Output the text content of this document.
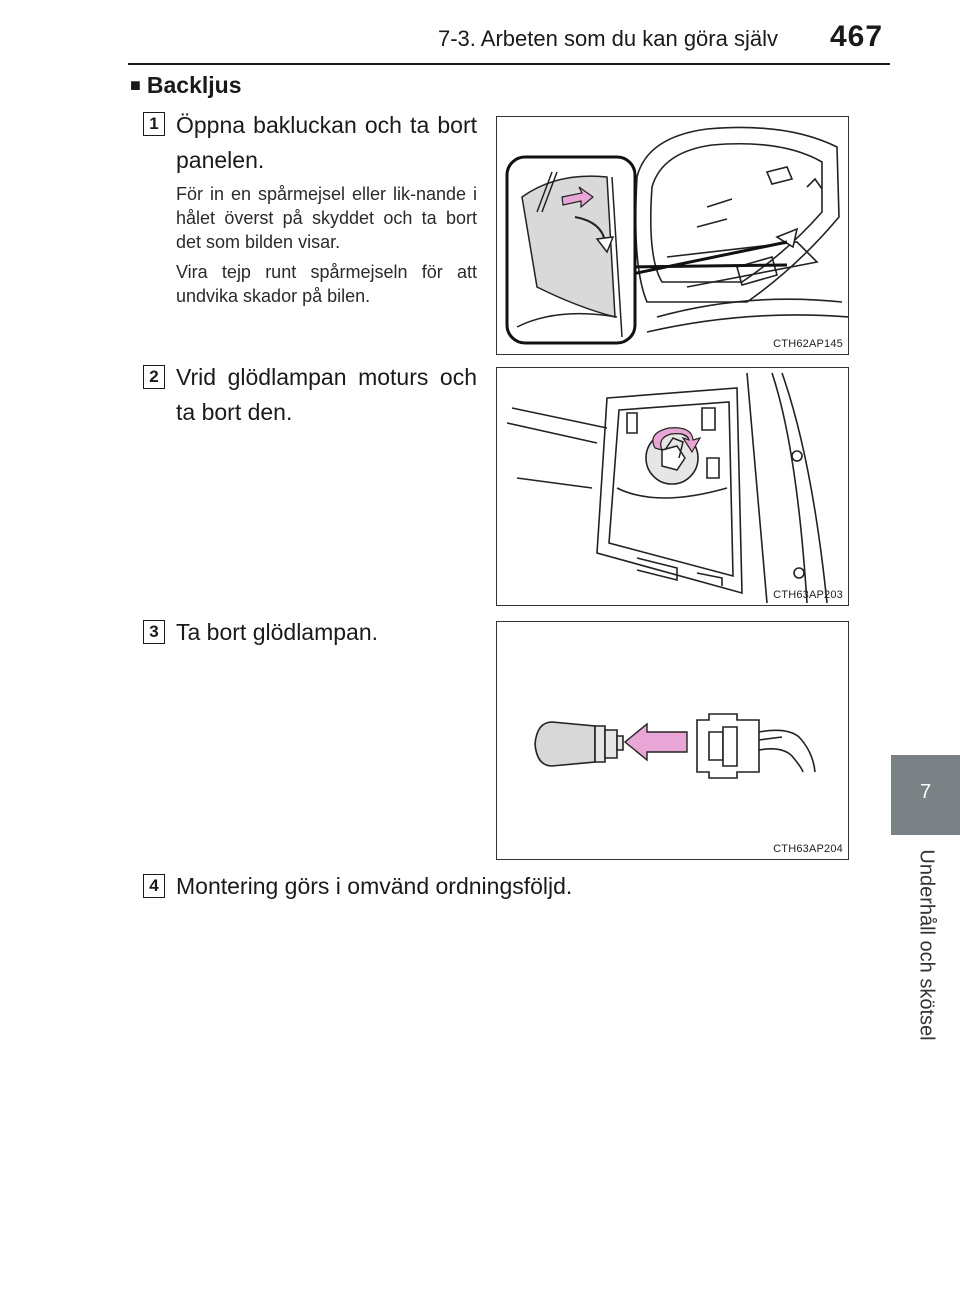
7-3. Arbeten som du kan göra själv 467
7
Underhåll och skötsel
■ Backljus
1 Öppna bakluckan och ta bort panelen.
För in en spårmejsel eller lik-nande i hålet överst på skyddet och ta bort det som bilden visar.
Vira tejp runt spårmejseln för att undvika skador på bilen.
2 Vrid glödlampan moturs och ta bort den.
3 Ta bort glödlampan.
4 Montering görs i omvänd ordningsföljd.
CTH62AP145
CTH63AP203
CTH63AP204
